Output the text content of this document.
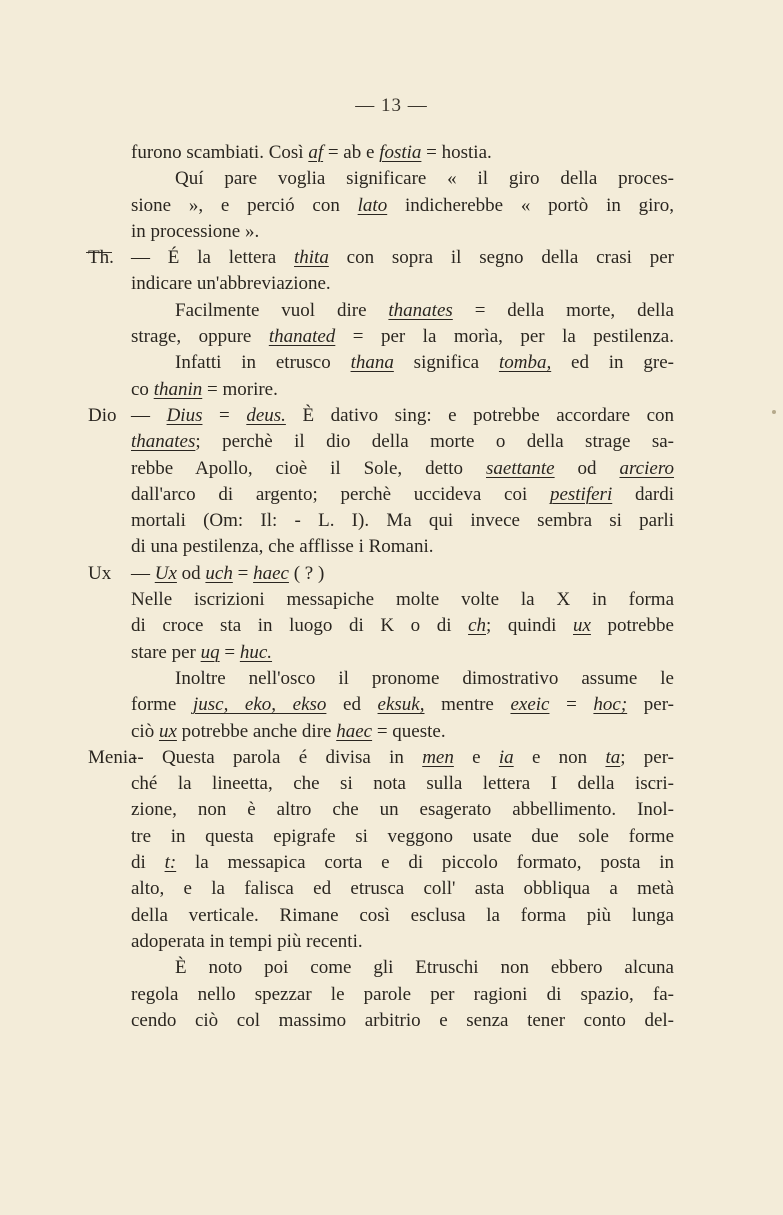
— 13 —
furono scambiati. Così af = ab e fostia = hostia.
Quí pare voglia significare « il giro della proces-
sione », e perció con lato indicherebbe « portò in giro,
in processione ».
Th. — É la lettera thita con sopra il segno della crasi per
indicare un'abbreviazione.
Facilmente vuol dire thanates = della morte, della
strage, oppure thanated = per la morìa, per la pestilenza.
Infatti in etrusco thana significa tomba, ed in gre-
co thanin = morire.
Dio — Dius = deus. È dativo sing: e potrebbe accordare con
thanates; perchè il dio della morte o della strage sa-
rebbe Apollo, cioè il Sole, detto saettante od arciero
dall'arco di argento; perchè uccideva coi pestiferi dardi
mortali (Om: Il: - L. I). Ma qui invece sembra si parli
di una pestilenza, che afflisse i Romani.
Ux — Ux od uch = haec ( ? )
Nelle iscrizioni messapiche molte volte la X in forma
di croce sta in luogo di K o di ch; quindi ux potrebbe
stare per uq = huc.
Inoltre nell'osco il pronome dimostrativo assume le
forme jusc, eko, ekso ed eksuk, mentre exeic = hoc; per-
ciò ux potrebbe anche dire haec = queste.
Menia
-- Questa parola é divisa in men e ia e non ta; per-
ché la lineetta, che si nota sulla lettera I della iscri-
zione, non è altro che un esagerato abbellimento. Inol-
tre in questa epigrafe si veggono usate due sole forme
di t: la messapica corta e di piccolo formato, posta in
alto, e la falisca ed etrusca coll' asta obbliqua a metà
della verticale. Rimane così esclusa la forma più lunga
adoperata in tempi più recenti.
È noto poi come gli Etruschi non ebbero alcuna
regola nello spezzar le parole per ragioni di spazio, fa-
cendo ciò col massimo arbitrio e senza tener conto del-
